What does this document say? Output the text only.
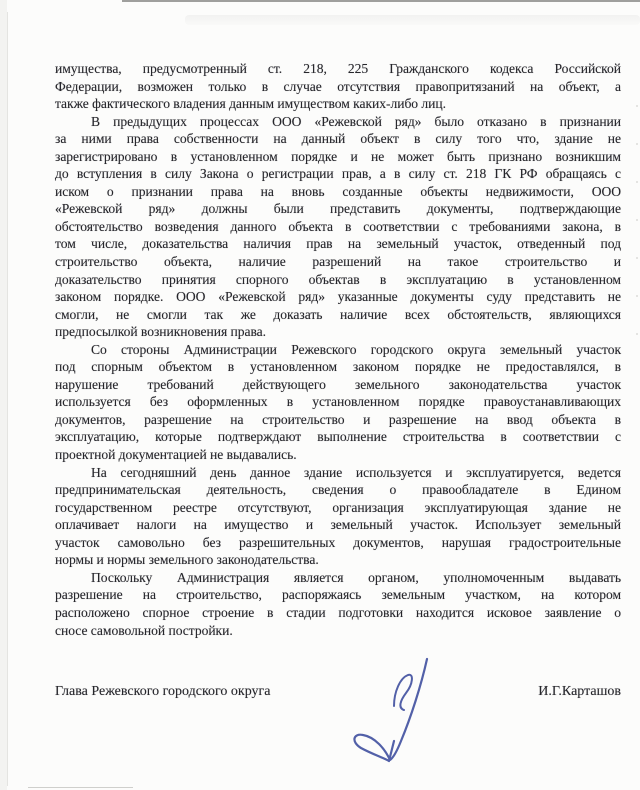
имущества, предусмотренный ст. 218, 225 Гражданского кодекса Российской
Федерации, возможен только в случае отсутствия правопритязаний на объект, а
также фактического владения данным имуществом каких-либо лиц.
В предыдущих процессах ООО «Режевской ряд» было отказано в признании
за ними права собственности на данный объект в силу того что, здание не
зарегистрировано в установленном порядке и не может быть признано возникшим
до вступления в силу Закона о регистрации прав, а в силу ст. 218 ГК РФ обращаясь с
иском о признании права на вновь созданные объекты недвижимости, ООО
«Режевской ряд» должны были представить документы, подтверждающие
обстоятельство возведения данного объекта в соответствии с требованиями закона, в
том числе, доказательства наличия прав на земельный участок, отведенный под
строительство объекта, наличие разрешений на такое строительство и
доказательство принятия спорного объектав в эксплуатацию в установленном
законом порядке. ООО «Режевской ряд» указанные документы суду представить не
смогли, не смогли так же доказать наличие всех обстоятельств, являющихся
предпосылкой возникновения права.
Со стороны Администрации Режевского городского округа земельный участок
под спорным объектом в установленном законом порядке не предоставлялся, в
нарушение требований действующего земельного законодательства участок
используется без оформленных в установленном порядке правоустанавливающих
документов, разрешение на строительство и разрешение на ввод объекта в
эксплуатацию, которые подтверждают выполнение строительства в соответствии с
проектной документацией не выдавались.
На сегодняшний день данное здание используется и эксплуатируется, ведется
предпринимательская деятельность, сведения о правообладателе в Едином
государственном реестре отсутствуют, организация эксплуатирующая здание не
оплачивает налоги на имущество и земельный участок. Использует земельный
участок самовольно без разрешительных документов, нарушая градостроительные
нормы и нормы земельного законодательства.
Поскольку Администрация является органом, уполномоченным выдавать
разрешение на строительство, распоряжаясь земельным участком, на котором
расположено спорное строение в стадии подготовки находится исковое заявление о
сносе самовольной постройки.
Глава Режевского городского округа	И.Г.Карташов
